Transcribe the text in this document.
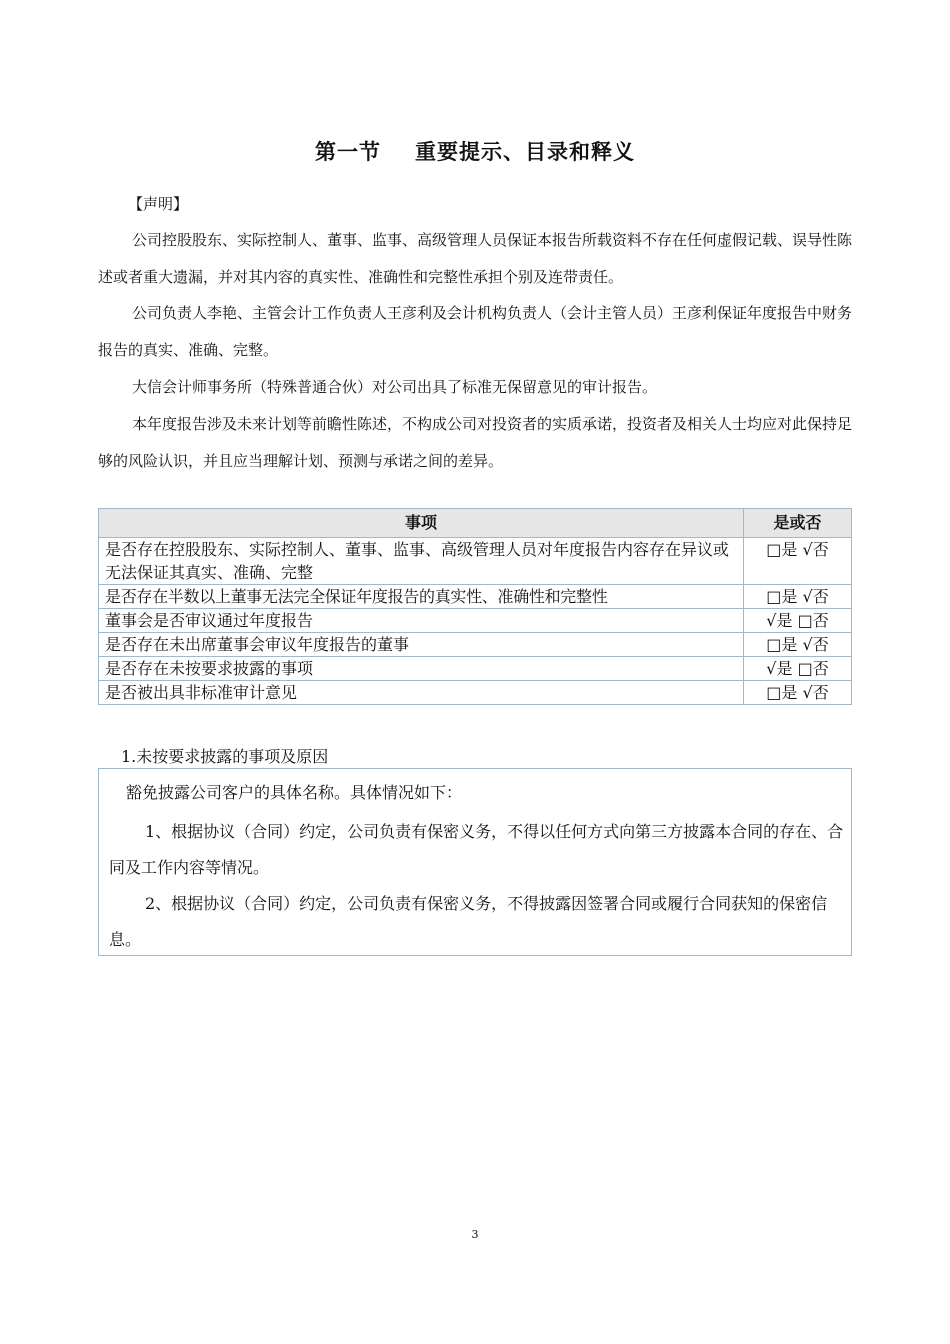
第一节 重要提示、目录和释义
【声明】

公司控股股东、实际控制人、董事、监事、高级管理人员保证本报告所载资料不存在任何虚假记载、误导性陈述或者重大遗漏，并对其内容的真实性、准确性和完整性承担个别及连带责任。

公司负责人李艳、主管会计工作负责人王彦利及会计机构负责人（会计主管人员）王彦利保证年度报告中财务报告的真实、准确、完整。

大信会计师事务所（特殊普通合伙）对公司出具了标准无保留意见的审计报告。

本年度报告涉及未来计划等前瞻性陈述，不构成公司对投资者的实质承诺，投资者及相关人士均应对此保持足够的风险认识，并且应当理解计划、预测与承诺之间的差异。

事项	是或否
是否存在控股股东、实际控制人、董事、监事、高级管理人员对年度报告内容存在异议或无法保证其真实、准确、完整	□是 √否
是否存在半数以上董事无法完全保证年度报告的真实性、准确性和完整性	□是 √否
董事会是否审议通过年度报告	√是 □否
是否存在未出席董事会审议年度报告的董事	□是 √否
是否存在未按要求披露的事项	√是 □否
是否被出具非标准审计意见	□是 √否
1.未按要求披露的事项及原因

豁免披露公司客户的具体名称。具体情况如下：

1、根据协议（合同）约定，公司负责有保密义务，不得以任何方式向第三方披露本合同的存在、合同及工作内容等情况。

2、根据协议（合同）约定，公司负责有保密义务，不得披露因签署合同或履行合同获知的保密信息。

3
